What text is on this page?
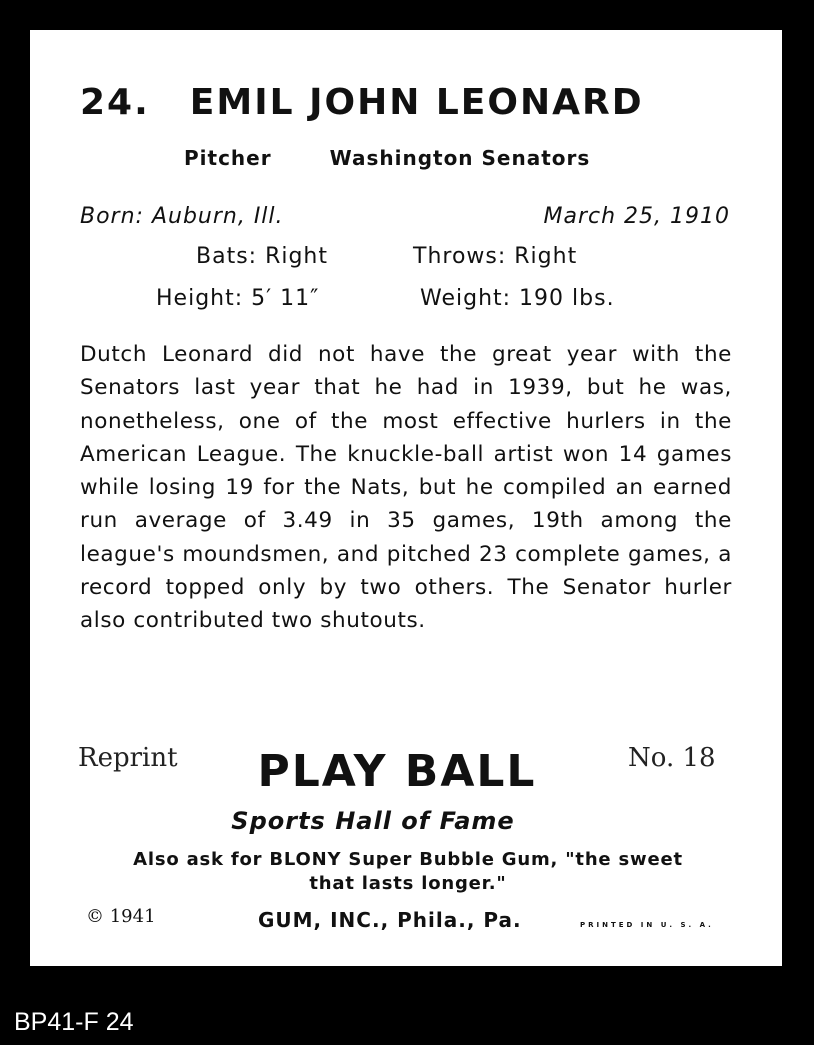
24. EMIL JOHN LEONARD
Pitcher	Washington Senators
Born: Auburn, Ill.	March 25, 1910
Bats: Right	Throws: Right
Height: 5′ 11″	Weight: 190 lbs.
Dutch Leonard did not have the great year with the Senators last year that he had in 1939, but he was, nonetheless, one of the most effective hurlers in the American League. The knuckle-ball artist won 14 games while losing 19 for the Nats, but he compiled an earned run average of 3.49 in 35 games, 19th among the league's moundsmen, and pitched 23 complete games, a record topped only by two others. The Senator hurler also contributed two shutouts.
Reprint	PLAY BALL	No. 18
Sports Hall of Fame
Also ask for BLONY Super Bubble Gum, "the sweet
that lasts longer."
© 1941	GUM, INC., Phila., Pa.	PRINTED IN U. S. A.
BP41-F 24
